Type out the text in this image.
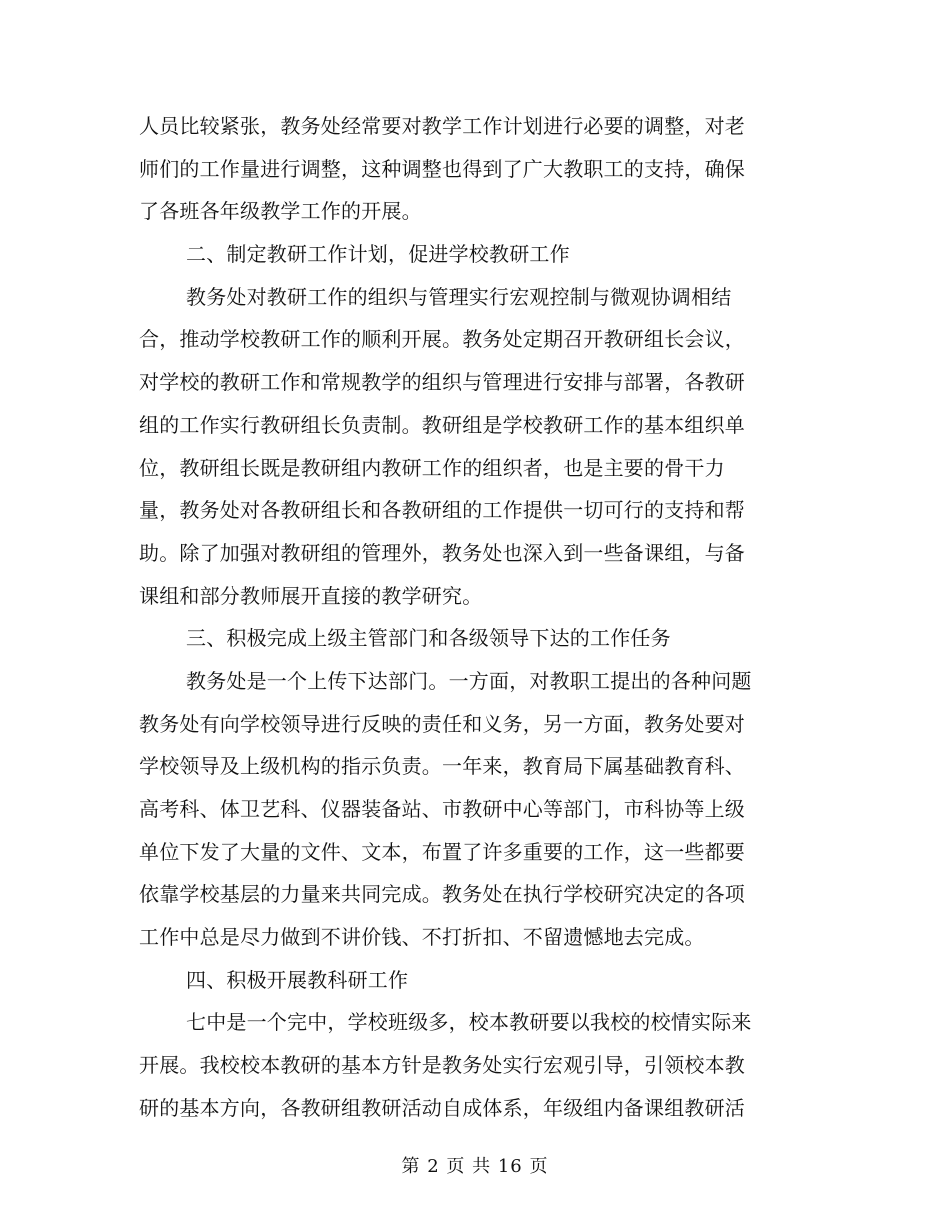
人员比较紧张，教务处经常要对教学工作计划进行必要的调整，对老
师们的工作量进行调整，这种调整也得到了广大教职工的支持，确保
了各班各年级教学工作的开展。
二、制定教研工作计划，促进学校教研工作
教务处对教研工作的组织与管理实行宏观控制与微观协调相结
合，推动学校教研工作的顺利开展。教务处定期召开教研组长会议，
对学校的教研工作和常规教学的组织与管理进行安排与部署，各教研
组的工作实行教研组长负责制。教研组是学校教研工作的基本组织单
位，教研组长既是教研组内教研工作的组织者，也是主要的骨干力
量，教务处对各教研组长和各教研组的工作提供一切可行的支持和帮
助。除了加强对教研组的管理外，教务处也深入到一些备课组，与备
课组和部分教师展开直接的教学研究。
三、积极完成上级主管部门和各级领导下达的工作任务
教务处是一个上传下达部门。一方面，对教职工提出的各种问题
教务处有向学校领导进行反映的责任和义务，另一方面，教务处要对
学校领导及上级机构的指示负责。一年来，教育局下属基础教育科、
高考科、体卫艺科、仪器装备站、市教研中心等部门，市科协等上级
单位下发了大量的文件、文本，布置了许多重要的工作，这一些都要
依靠学校基层的力量来共同完成。教务处在执行学校研究决定的各项
工作中总是尽力做到不讲价钱、不打折扣、不留遗憾地去完成。
四、积极开展教科研工作
七中是一个完中，学校班级多，校本教研要以我校的校情实际来
开展。我校校本教研的基本方针是教务处实行宏观引导，引领校本教
研的基本方向，各教研组教研活动自成体系，年级组内备课组教研活
第 2 页 共 16 页
